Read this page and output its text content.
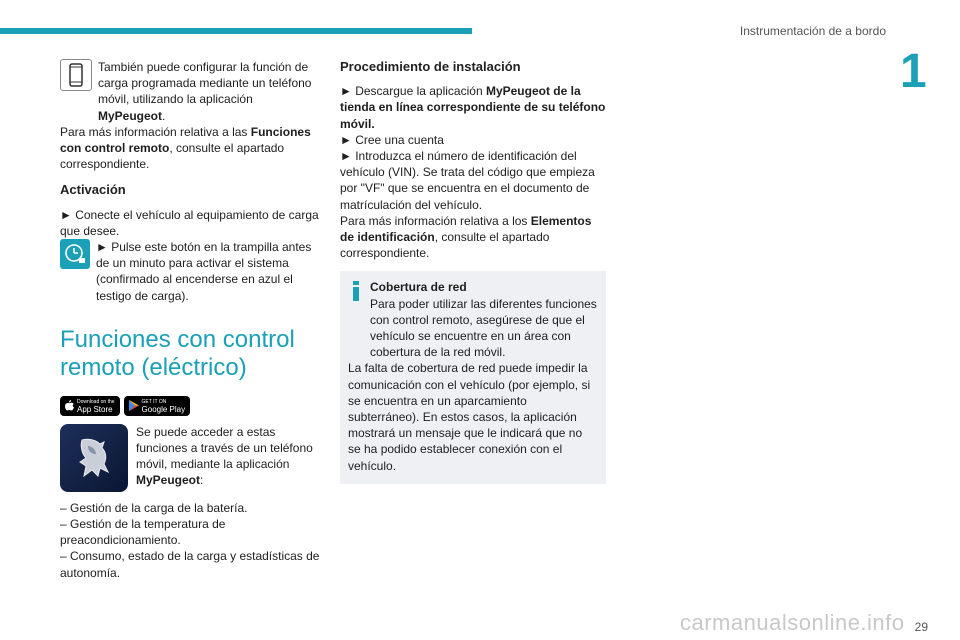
Instrumentación de a bordo
1

También puede configurar la función de carga programada mediante un teléfono móvil, utilizando la aplicación MyPeugeot.

Para más información relativa a las Funciones con control remoto, consulte el apartado correspondiente.

Activación

► Conecte el vehículo al equipamiento de carga que desee.

► Pulse este botón en la trampilla antes de un minuto para activar el sistema (confirmado al encenderse en azul el testigo de carga).

Funciones con control remoto (eléctrico)
Download on the
App Store
GET IT ON
Google Play

Se puede acceder a estas funciones a través de un teléfono móvil, mediante la aplicación MyPeugeot:

– Gestión de la carga de la batería.

– Gestión de la temperatura de preacondicionamiento.

– Consumo, estado de la carga y estadísticas de autonomía.

Procedimiento de instalación

► Descargue la aplicación MyPeugeot de la tienda en línea correspondiente de su teléfono móvil.

► Cree una cuenta

► Introduzca el número de identificación del vehículo (VIN). Se trata del código que empieza por "VF" que se encuentra en el documento de matrículación del vehículo.

Para más información relativa a los Elementos de identificación, consulte el apartado correspondiente.

Cobertura de red

Para poder utilizar las diferentes funciones con control remoto, asegúrese de que el vehículo se encuentre en un área con cobertura de la red móvil.

La falta de cobertura de red puede impedir la comunicación con el vehículo (por ejemplo, si se encuentra en un aparcamiento subterráneo). En estos casos, la aplicación mostrará un mensaje que le indicará que no se ha podido establecer conexión con el vehículo.

carmanualsonline.info 29
